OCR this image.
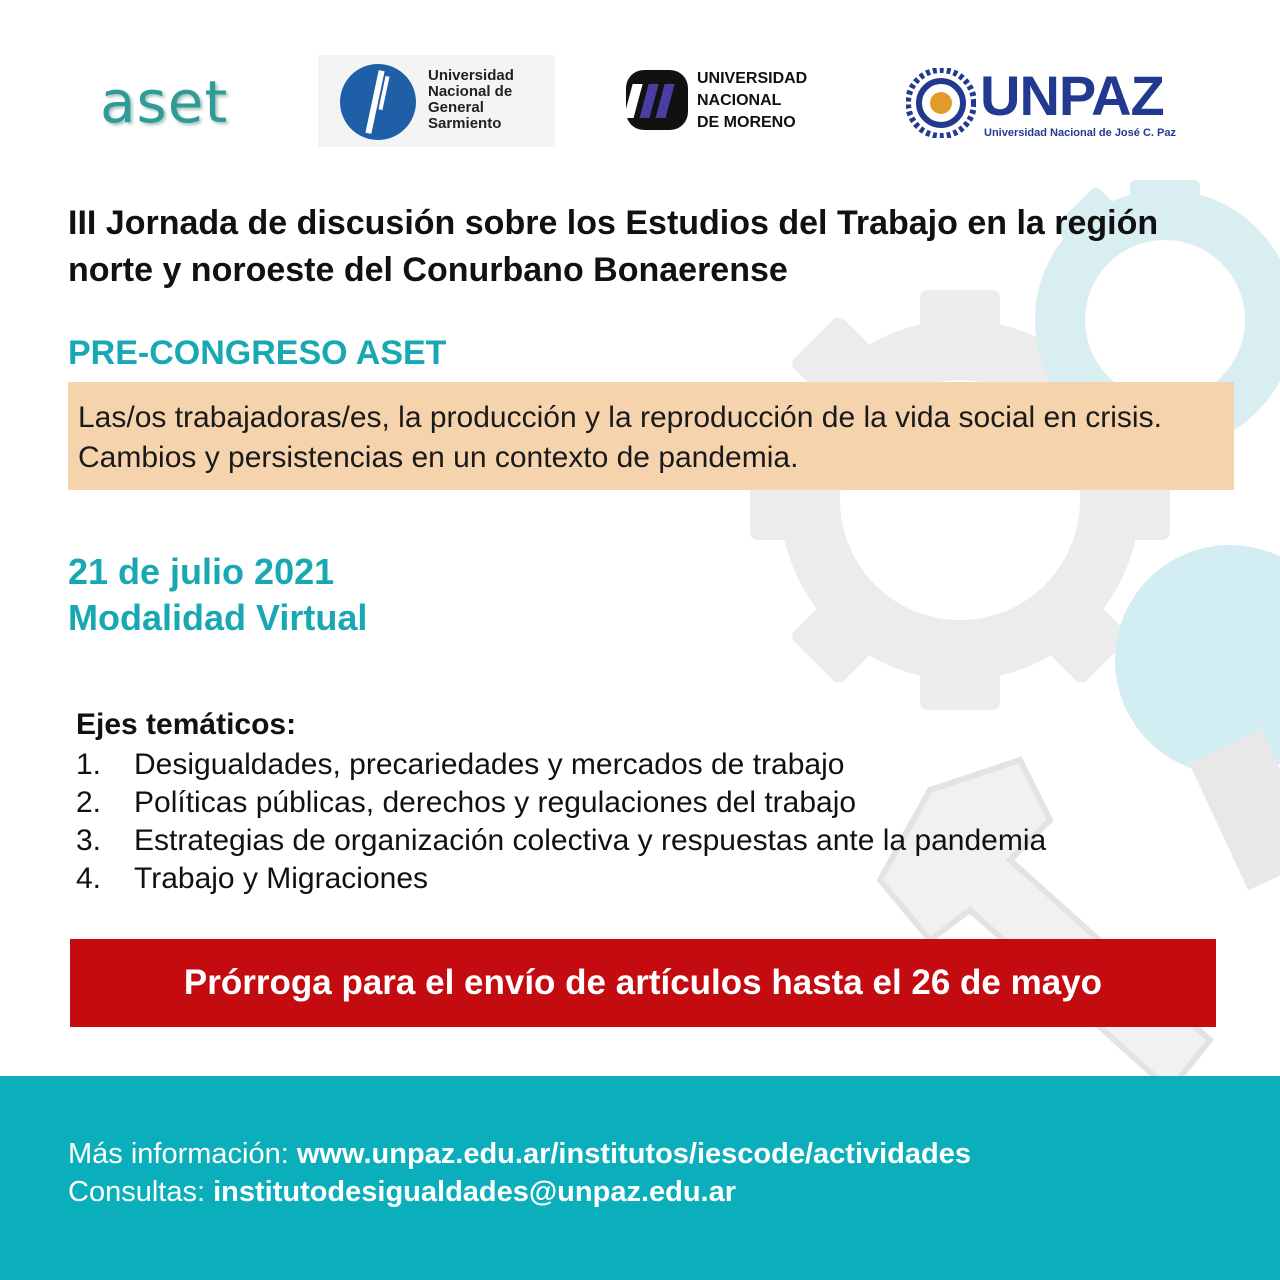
aset	Universidad
Nacional de
General
Sarmiento
UNIVERSIDAD
NACIONAL
DE MORENO	UNPAZ
Universidad Nacional de José C. Paz
III Jornada de discusión sobre los Estudios del Trabajo en la región norte y noroeste del Conurbano Bonaerense
PRE-CONGRESO ASET
Las/os trabajadoras/es, la producción y la reproducción de la vida social en crisis. Cambios y persistencias en un contexto de pandemia.
21 de julio 2021
Modalidad Virtual
Ejes temáticos:
1. Desigualdades, precariedades y mercados de trabajo
2. Políticas públicas, derechos y regulaciones del trabajo
3. Estrategias de organización colectiva y respuestas ante la pandemia
4. Trabajo y Migraciones
Prórroga para el envío de artículos hasta el 26 de mayo
Más información: www.unpaz.edu.ar/institutos/iescode/actividades
Consultas: institutodesigualdades@unpaz.edu.ar
